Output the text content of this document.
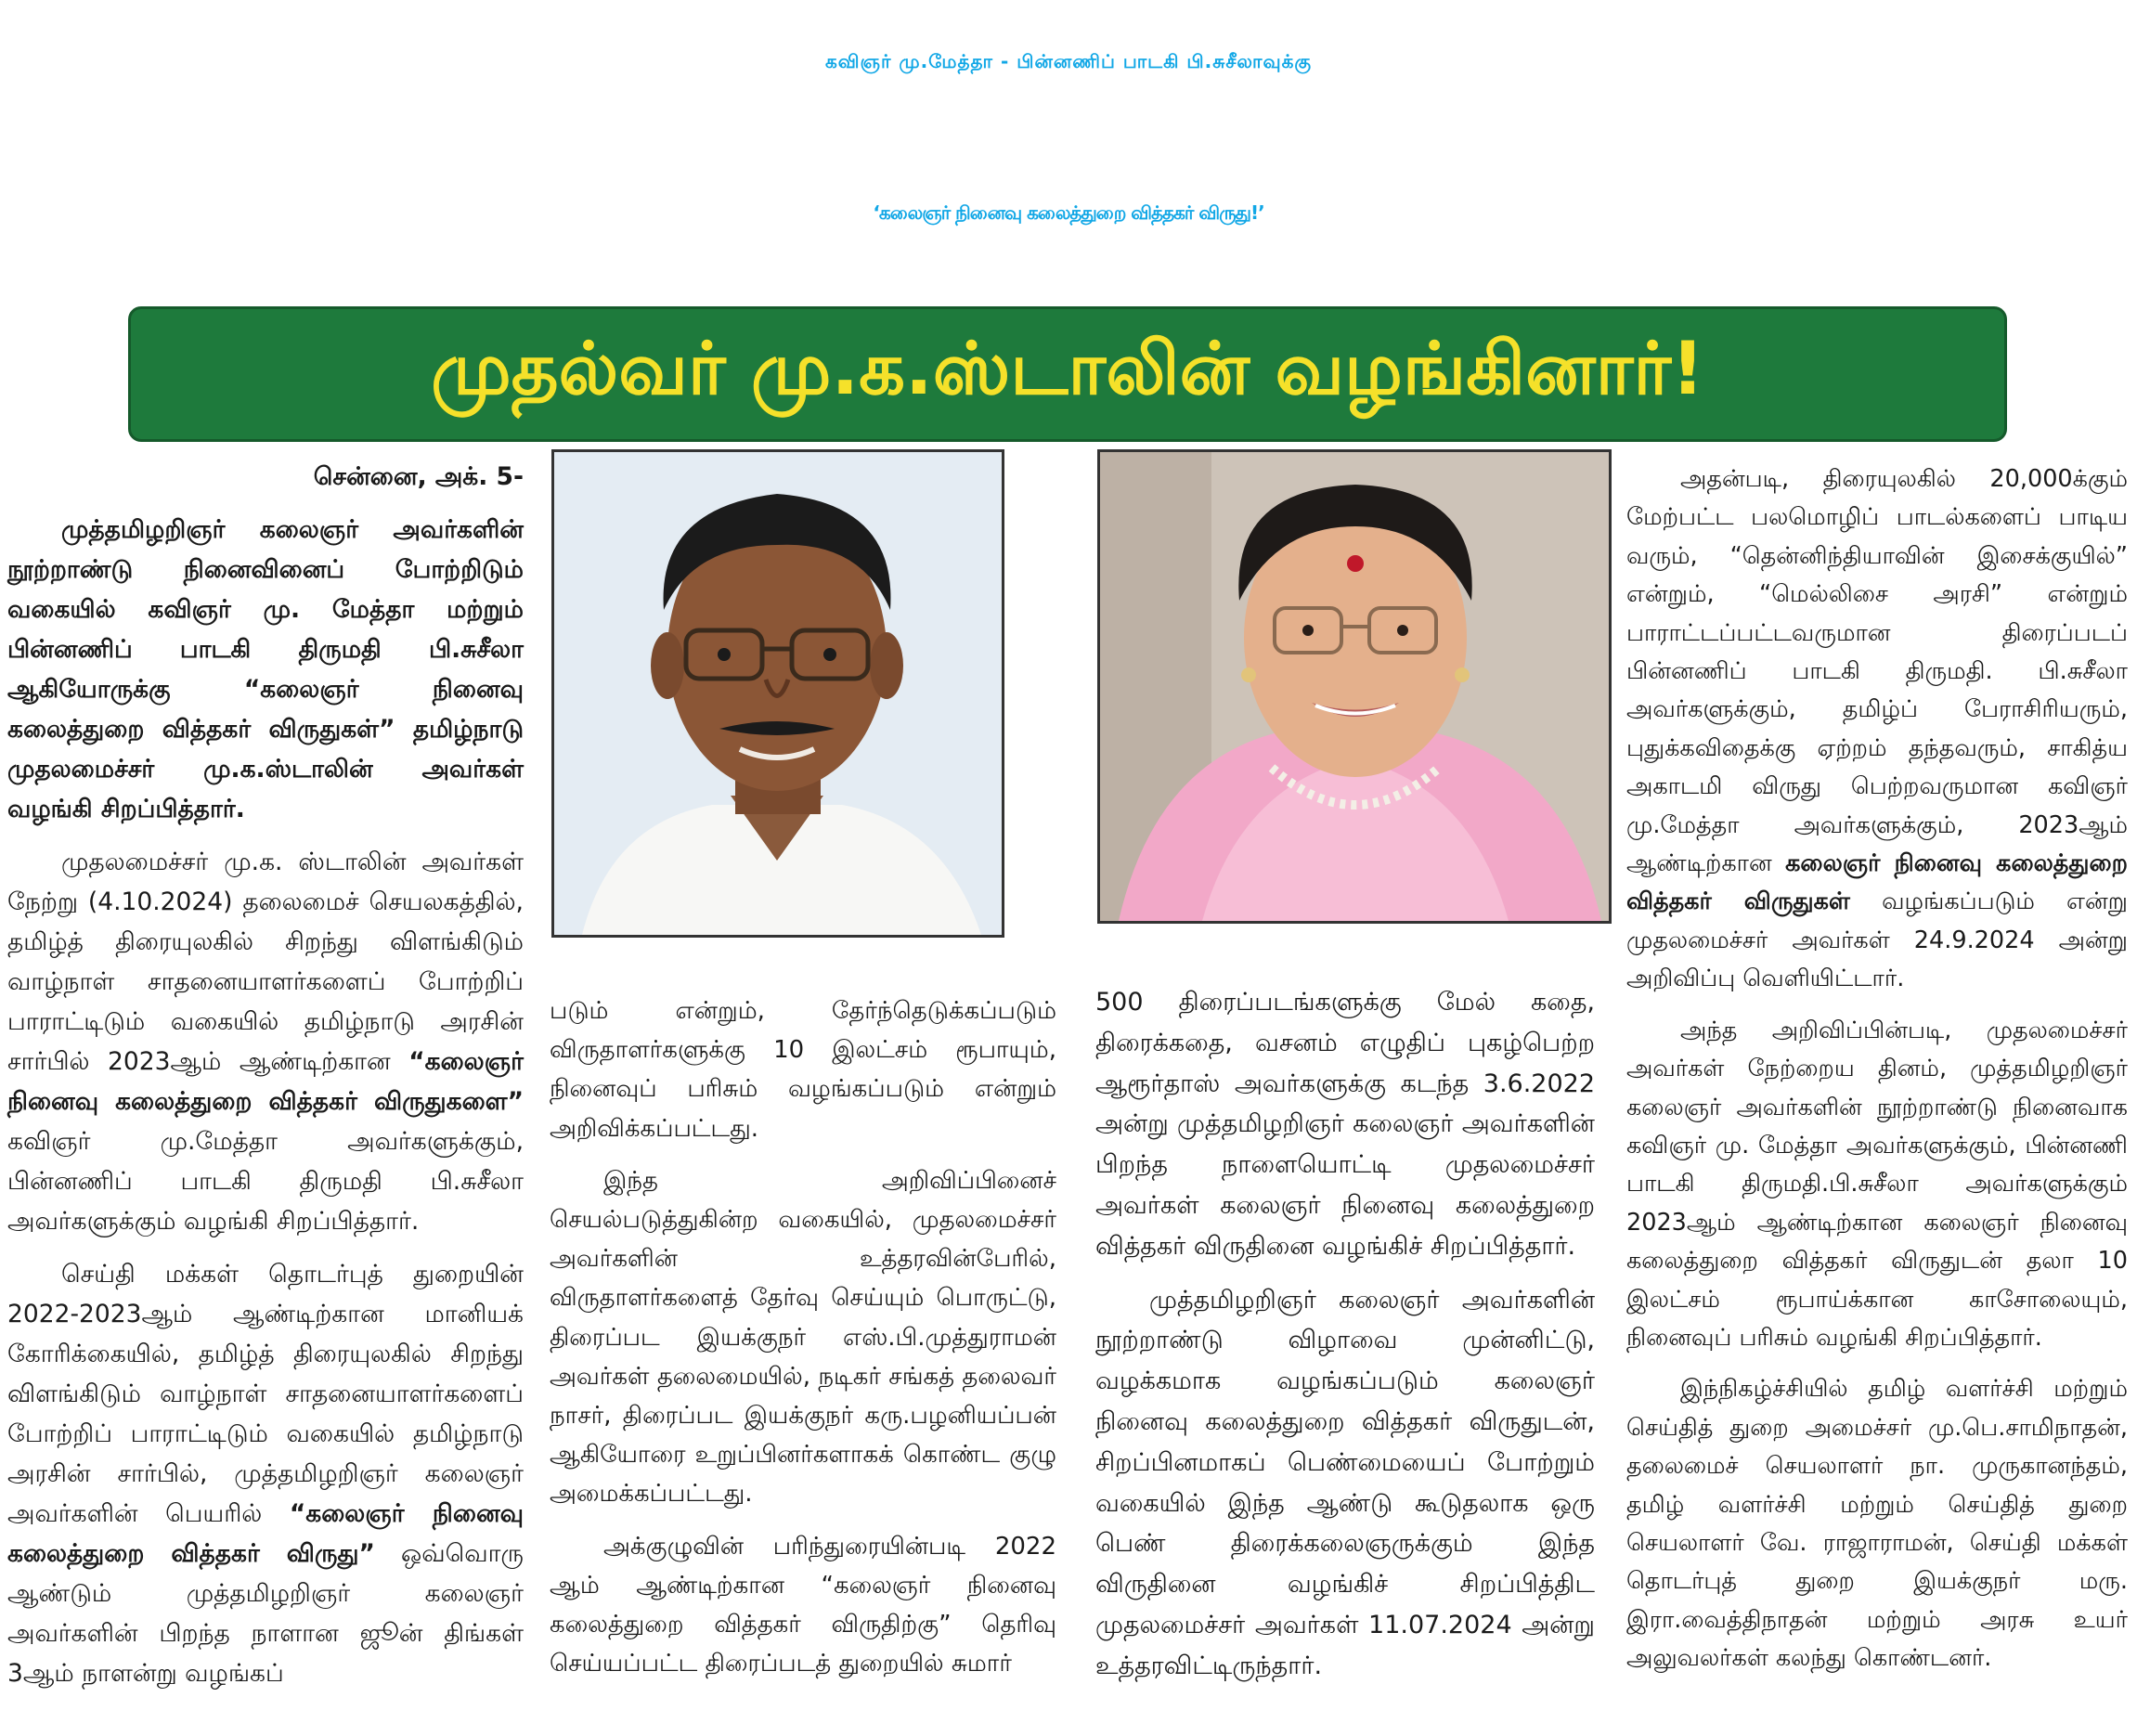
கவிஞர் மு.மேத்தா - பின்னணிப் பாடகி பி.சுசீலாவுக்கு
‘கலைஞர் நினைவு கலைத்துறை வித்தகர் விருது!’
முதல்வர் மு.க.ஸ்டாலின் வழங்கினார்!

சென்னை, அக். 5-

முத்தமிழறிஞர் கலைஞர் அவர்களின் நூற்றாண்டு நினைவினைப் போற்றிடும் வகையில் கவிஞர் மு. மேத்தா மற்றும் பின்னணிப் பாடகி திருமதி பி.சுசீலா ஆகியோருக்கு “கலைஞர் நினைவு கலைத்துறை வித்தகர் விருதுகள்” தமிழ்நாடு முதலமைச்சர் மு.க.ஸ்டாலின் அவர்கள் வழங்கி சிறப்பித்தார்.

முதலமைச்சர் மு.க. ஸ்டாலின் அவர்கள் நேற்று (4.10.2024) தலைமைச் செயலகத்தில், தமிழ்த் திரையுலகில் சிறந்து விளங்கிடும் வாழ்நாள் சாதனையாளர்களைப் போற்றிப் பாராட்டிடும் வகையில் தமிழ்நாடு அரசின் சார்பில் 2023ஆம் ஆண்டிற்கான “கலைஞர் நினைவு கலைத்துறை வித்தகர் விருதுகளை” கவிஞர் மு.மேத்தா அவர்களுக்கும், பின்னணிப் பாடகி திருமதி பி.சுசீலா அவர்களுக்கும் வழங்கி சிறப்பித்தார்.

செய்தி மக்கள் தொடர்புத் துறையின் 2022-2023ஆம் ஆண்டிற்கான மானியக் கோரிக்கையில், தமிழ்த் திரையுலகில் சிறந்து விளங்கிடும் வாழ்நாள் சாதனையாளர்களைப் போற்றிப் பாராட்டிடும் வகையில் தமிழ்நாடு அரசின் சார்பில், முத்தமிழறிஞர் கலைஞர் அவர்களின் பெயரில் “கலைஞர் நினைவு கலைத்துறை வித்தகர் விருது” ஒவ்வொரு ஆண்டும் முத்தமிழறிஞர் கலைஞர் அவர்களின் பிறந்த நாளான ஜூன் திங்கள் 3ஆம் நாளன்று வழங்கப்

படும் என்றும், தேர்ந்தெடுக்கப்படும் விருதாளர்களுக்கு 10 இலட்சம் ரூபாயும், நினைவுப் பரிசும் வழங்கப்படும் என்றும் அறிவிக்கப்பட்டது.

இந்த அறிவிப்பினைச் செயல்படுத்துகின்ற வகையில், முதலமைச்சர் அவர்களின் உத்தரவின்பேரில், விருதாளர்களைத் தேர்வு செய்யும் பொருட்டு, திரைப்பட இயக்குநர் எஸ்.பி.முத்துராமன் அவர்கள் தலைமையில், நடிகர் சங்கத் தலைவர் நாசர், திரைப்பட இயக்குநர் கரு.பழனியப்பன் ஆகியோரை உறுப்பினர்களாகக் கொண்ட குழு அமைக்கப்பட்டது.

அக்குழுவின் பரிந்துரையின்படி 2022 ஆம் ஆண்டிற்கான “கலைஞர் நினைவு கலைத்துறை வித்தகர் விருதிற்கு” தெரிவு செய்யப்பட்ட திரைப்படத் துறையில் சுமார்

500 திரைப்படங்களுக்கு மேல் கதை, திரைக்கதை, வசனம் எழுதிப் புகழ்பெற்ற ஆரூர்தாஸ் அவர்களுக்கு கடந்த 3.6.2022 அன்று முத்தமிழறிஞர் கலைஞர் அவர்களின் பிறந்த நாளையொட்டி முதலமைச்சர் அவர்கள் கலைஞர் நினைவு கலைத்துறை வித்தகர் விருதினை வழங்கிச் சிறப்பித்தார்.

முத்தமிழறிஞர் கலைஞர் அவர்களின் நூற்றாண்டு விழாவை முன்னிட்டு, வழக்கமாக வழங்கப்படும் கலைஞர் நினைவு கலைத்துறை வித்தகர் விருதுடன், சிறப்பினமாகப் பெண்மையைப் போற்றும் வகையில் இந்த ஆண்டு கூடுதலாக ஒரு பெண் திரைக்கலைஞருக்கும் இந்த விருதினை வழங்கிச் சிறப்பித்திட முதலமைச்சர் அவர்கள் 11.07.2024 அன்று உத்தரவிட்டிருந்தார்.

அதன்படி, திரையுலகில் 20,000க்கும் மேற்பட்ட பலமொழிப் பாடல்களைப் பாடிய வரும், “தென்னிந்தியாவின் இசைக்குயில்” என்றும், “மெல்லிசை அரசி” என்றும் பாராட்டப்பட்டவருமான திரைப்படப் பின்னணிப் பாடகி திருமதி. பி.சுசீலா அவர்களுக்கும், தமிழ்ப் பேராசிரியரும், புதுக்கவிதைக்கு ஏற்றம் தந்தவரும், சாகித்ய அகாடமி விருது பெற்றவருமான கவிஞர் மு.மேத்தா அவர்களுக்கும், 2023ஆம் ஆண்டிற்கான கலைஞர் நினைவு கலைத்துறை வித்தகர் விருதுகள் வழங்கப்படும் என்று முதலமைச்சர் அவர்கள் 24.9.2024 அன்று அறிவிப்பு வெளியிட்டார்.

அந்த அறிவிப்பின்படி, முதலமைச்சர் அவர்கள் நேற்றைய தினம், முத்தமிழறிஞர் கலைஞர் அவர்களின் நூற்றாண்டு நினைவாக கவிஞர் மு. மேத்தா அவர்களுக்கும், பின்னணி பாடகி திருமதி.பி.சுசீலா அவர்களுக்கும் 2023ஆம் ஆண்டிற்கான கலைஞர் நினைவு கலைத்துறை வித்தகர் விருதுடன் தலா 10 இலட்சம் ரூபாய்க்கான காசோலையும், நினைவுப் பரிசும் வழங்கி சிறப்பித்தார்.

இந்நிகழ்ச்சியில் தமிழ் வளர்ச்சி மற்றும் செய்தித் துறை அமைச்சர் மு.பெ.சாமிநாதன், தலைமைச் செயலாளர் நா. முருகானந்தம், தமிழ் வளர்ச்சி மற்றும் செய்தித் துறை செயலாளர் வே. ராஜாராமன், செய்தி மக்கள் தொடர்புத் துறை இயக்குநர் மரு. இரா.வைத்திநாதன் மற்றும் அரசு உயர் அலுவலர்கள் கலந்து கொண்டனர்.
